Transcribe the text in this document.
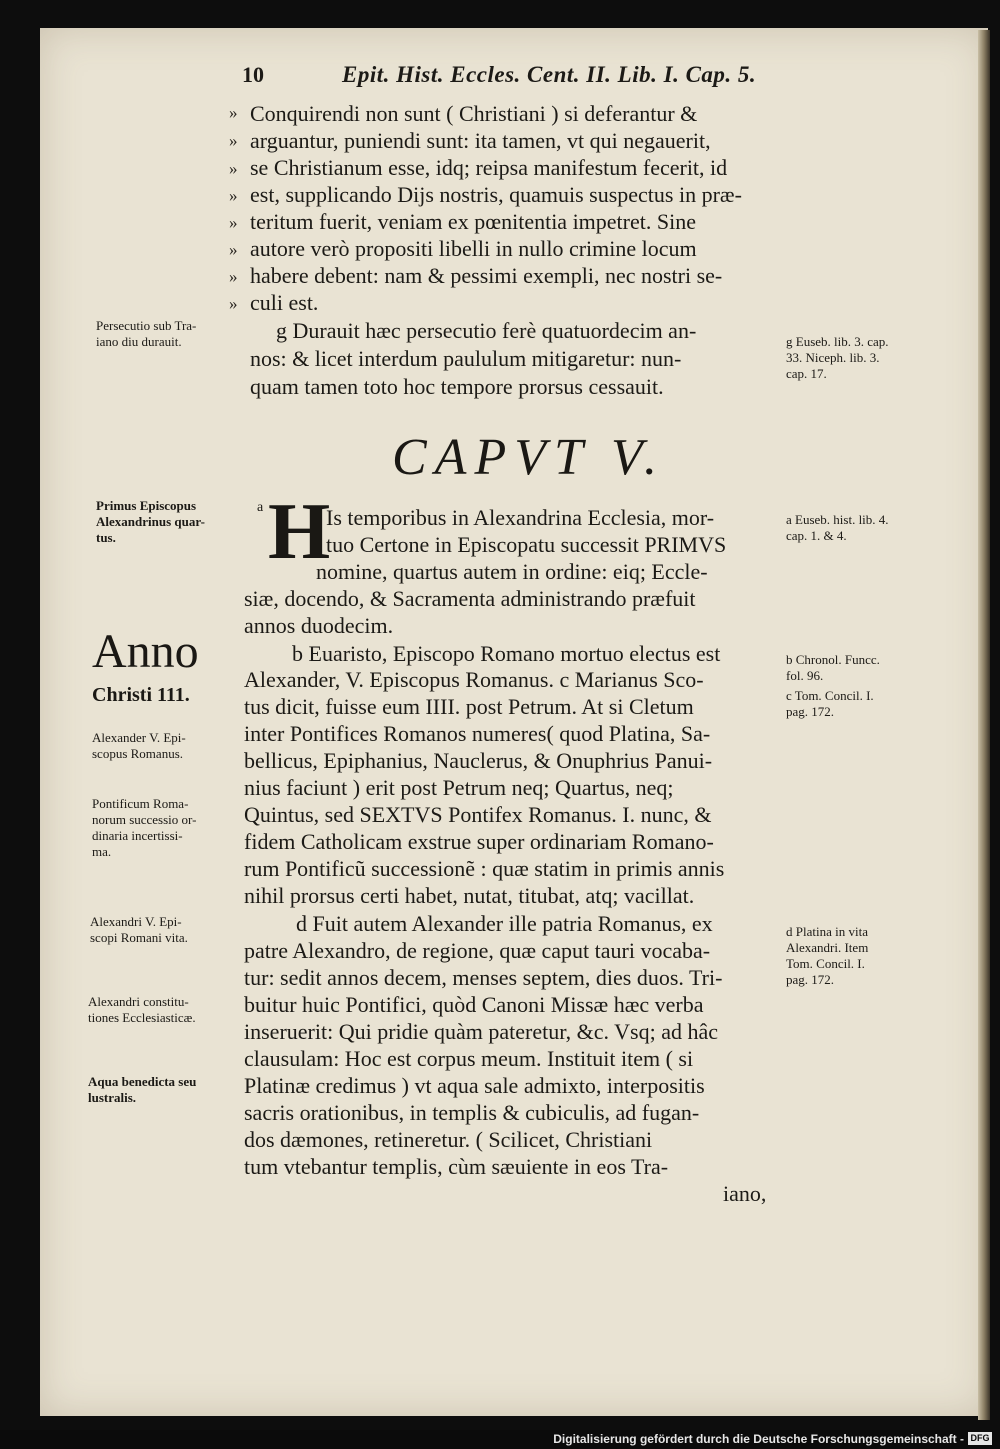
10	Epit. Hist. Eccles. Cent. II. Lib. I. Cap. 5.
»
»
»
»
»
»
»
»
Conquirendi non sunt ( Christiani ) si deferantur &
arguantur, puniendi sunt: ita tamen, vt qui negauerit,
se Christianum esse, idq; reipsa manifestum fecerit, id
est, supplicando Dijs nostris, quamuis suspectus in præ-
teritum fuerit, veniam ex pœnitentia impetret. Sine
autore verò propositi libelli in nullo crimine locum
habere debent: nam & pessimi exempli, nec nostri se-
culi est.
g Durauit hæc persecutio ferè quatuordecim an-
nos: & licet interdum paululum mitigaretur: nun-
quam tamen toto hoc tempore prorsus cessauit.
Persecutio sub Tra-
iano diu durauit.	g Euseb. lib. 3. cap.
33. Niceph. lib. 3.
cap. 17.
CAPVT V.
a H
Is temporibus in Alexandrina Ecclesia, mor-
tuo Certone in Episcopatu successit PRIMVS
nomine, quartus autem in ordine: eiq; Eccle-
siæ, docendo, & Sacramenta administrando præfuit
annos duodecim.
b Euaristo, Episcopo Romano mortuo electus est
Alexander, V. Episcopus Romanus. c Marianus Sco-
tus dicit, fuisse eum IIII. post Petrum. At si Cletum
inter Pontifices Romanos numeres( quod Platina, Sa-
bellicus, Epiphanius, Nauclerus, & Onuphrius Panui-
nius faciunt ) erit post Petrum neq; Quartus, neq;
Quintus, sed SEXTVS Pontifex Romanus. I. nunc, &
fidem Catholicam exstrue super ordinariam Romano-
rum Pontificũ successionẽ : quæ statim in primis annis
nihil prorsus certi habet, nutat, titubat, atq; vacillat.
d Fuit autem Alexander ille patria Romanus, ex
patre Alexandro, de regione, quæ caput tauri vocaba-
tur: sedit annos decem, menses septem, dies duos. Tri-
buitur huic Pontifici, quòd Canoni Missæ hæc verba
inseruerit: Qui pridie quàm pateretur, &c. Vsq; ad hâc
clausulam: Hoc est corpus meum. Instituit item ( si
Platinæ credimus ) vt aqua sale admixto, interpositis
sacris orationibus, in templis & cubiculis, ad fugan-
dos dæmones, retineretur. ( Scilicet, Christiani
tum vtebantur templis, cùm sæuiente in eos Tra-
iano,
Primus Episcopus
Alexandrinus quar-
tus.
Anno
Christi 111.
Alexander V. Epi-
scopus Romanus.
Pontificum Roma-
norum successio or-
dinaria incertissi-
ma.
Alexandri V. Epi-
scopi Romani vita.
Alexandri constitu-
tiones Ecclesiasticæ.
Aqua benedicta seu
lustralis.
a Euseb. hist. lib. 4.
cap. 1. & 4.
b Chronol. Funcc.
fol. 96.
c Tom. Concil. I.
pag. 172.
d Platina in vita
Alexandri. Item
Tom. Concil. I.
pag. 172.
Digitalisierung gefördert durch die Deutsche Forschungsgemeinschaft - DFG
